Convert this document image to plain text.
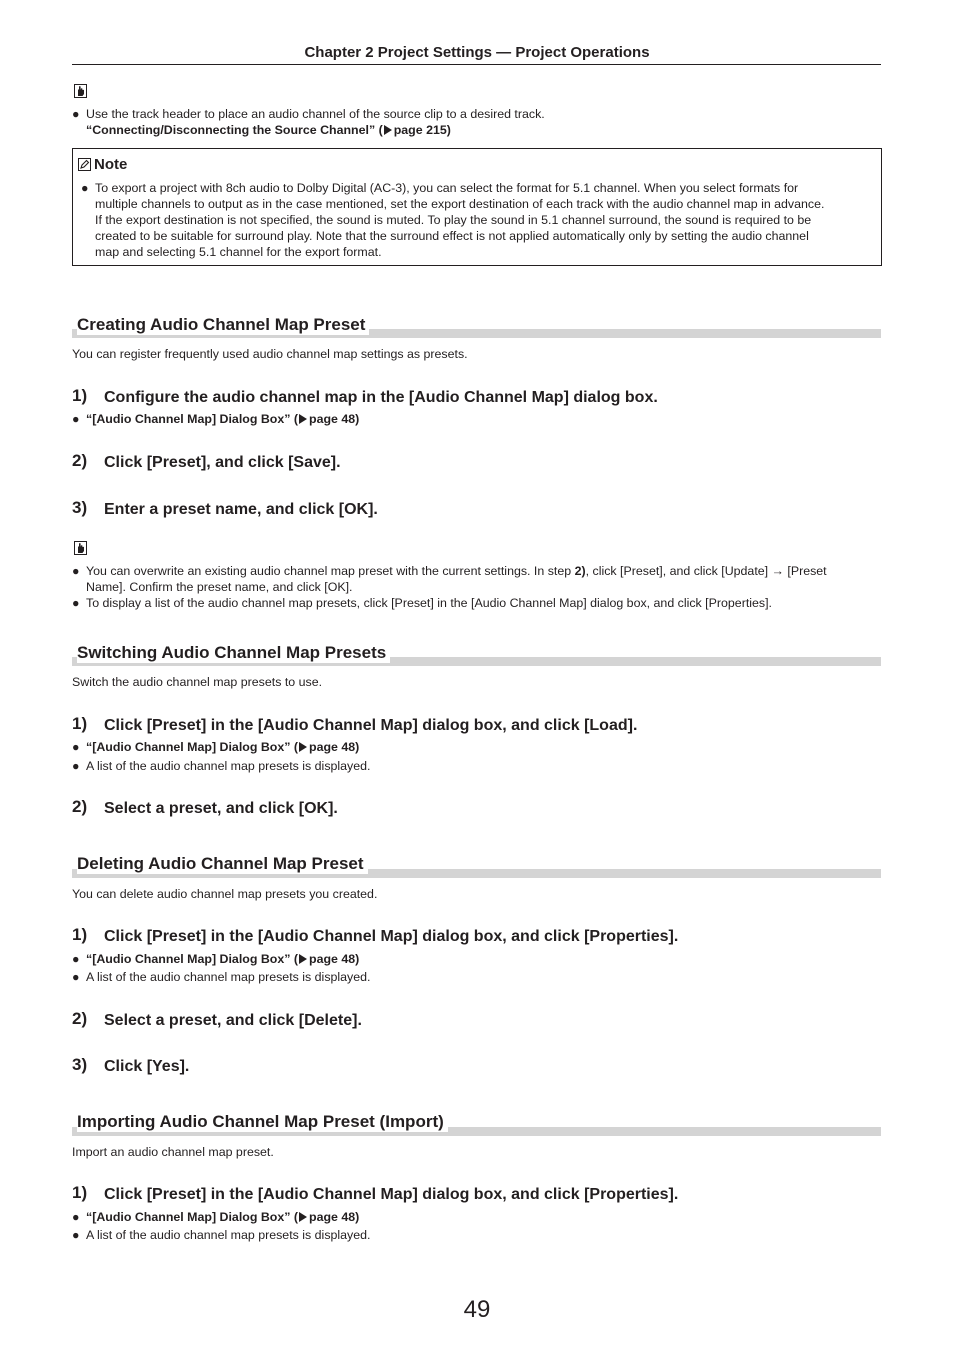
Chapter 2 Project Settings — Project Operations
● Use the track header to place an audio channel of the source clip to a desired track.
“Connecting/Disconnecting the Source Channel” ( page 215)
Note
● To export a project with 8ch audio to Dolby Digital (AC-3), you can select the format for 5.1 channel. When you select formats for
multiple channels to output as in the case mentioned, set the export destination of each track with the audio channel map in advance.
If the export destination is not specified, the sound is muted. To play the sound in 5.1 channel surround, the sound is required to be
created to be suitable for surround play. Note that the surround effect is not applied automatically only by setting the audio channel
map and selecting 5.1 channel for the export format.
Creating Audio Channel Map Preset
You can register frequently used audio channel map settings as presets.
1) Configure the audio channel map in the [Audio Channel Map] dialog box.
● “[Audio Channel Map] Dialog Box” ( page 48)
2) Click [Preset], and click [Save].
3) Enter a preset name, and click [OK].
● You can overwrite an existing audio channel map preset with the current settings. In step 2), click [Preset], and click [Update] → [Preset
Name]. Confirm the preset name, and click [OK].
● To display a list of the audio channel map presets, click [Preset] in the [Audio Channel Map] dialog box, and click [Properties].
Switching Audio Channel Map Presets
Switch the audio channel map presets to use.
1) Click [Preset] in the [Audio Channel Map] dialog box, and click [Load].
● “[Audio Channel Map] Dialog Box” ( page 48)
● A list of the audio channel map presets is displayed.
2) Select a preset, and click [OK].
Deleting Audio Channel Map Preset
You can delete audio channel map presets you created.
1) Click [Preset] in the [Audio Channel Map] dialog box, and click [Properties].
● “[Audio Channel Map] Dialog Box” ( page 48)
● A list of the audio channel map presets is displayed.
2) Select a preset, and click [Delete].
3) Click [Yes].
Importing Audio Channel Map Preset (Import)
Import an audio channel map preset.
1) Click [Preset] in the [Audio Channel Map] dialog box, and click [Properties].
● “[Audio Channel Map] Dialog Box” ( page 48)
● A list of the audio channel map presets is displayed.
49
